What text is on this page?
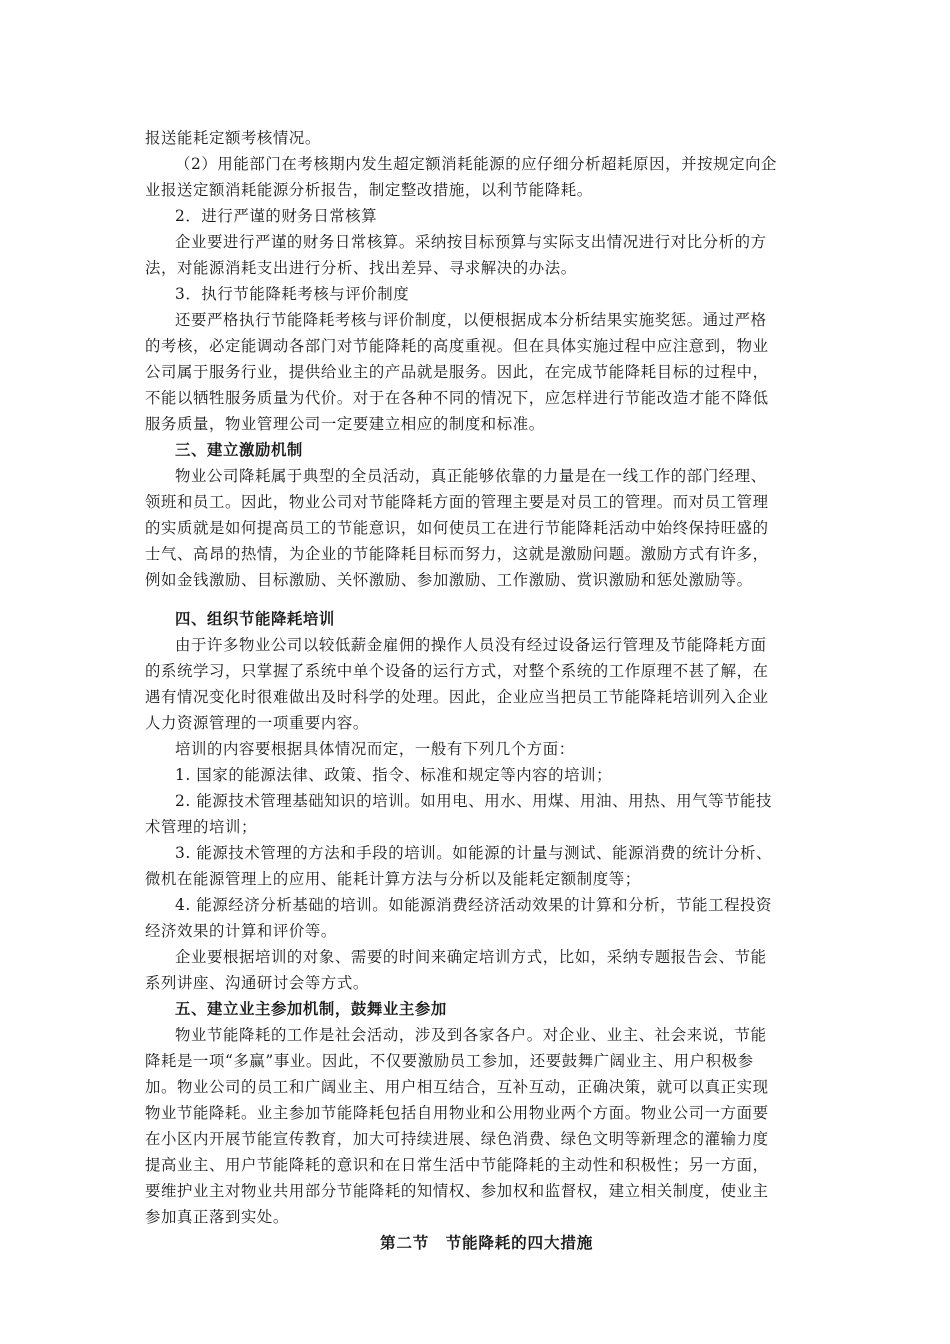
报送能耗定额考核情况。
（2）用能部门在考核期内发生超定额消耗能源的应仔细分析超耗原因，并按规定向企
业报送定额消耗能源分析报告，制定整改措施，以利节能降耗。
2．进行严谨的财务日常核算
企业要进行严谨的财务日常核算。采纳按目标预算与实际支出情况进行对比分析的方
法，对能源消耗支出进行分析、找出差异、寻求解决的办法。
3．执行节能降耗考核与评价制度
还要严格执行节能降耗考核与评价制度，以便根据成本分析结果实施奖惩。通过严格
的考核，必定能调动各部门对节能降耗的高度重视。但在具体实施过程中应注意到，物业
公司属于服务行业，提供给业主的产品就是服务。因此，在完成节能降耗目标的过程中，
不能以牺牲服务质量为代价。对于在各种不同的情况下，应怎样进行节能改造才能不降低
服务质量，物业管理公司一定要建立相应的制度和标准。
三、建立激励机制
物业公司降耗属于典型的全员活动，真正能够依靠的力量是在一线工作的部门经理、
领班和员工。因此，物业公司对节能降耗方面的管理主要是对员工的管理。而对员工管理
的实质就是如何提高员工的节能意识，如何使员工在进行节能降耗活动中始终保持旺盛的
士气、高昂的热情，为企业的节能降耗目标而努力，这就是激励问题。激励方式有许多，
例如金钱激励、目标激励、关怀激励、参加激励、工作激励、赏识激励和惩处激励等。
四、组织节能降耗培训
由于许多物业公司以较低薪金雇佣的操作人员没有经过设备运行管理及节能降耗方面
的系统学习，只掌握了系统中单个设备的运行方式，对整个系统的工作原理不甚了解，在
遇有情况变化时很难做出及时科学的处理。因此，企业应当把员工节能降耗培训列入企业
人力资源管理的一项重要内容。
培训的内容要根据具体情况而定，一般有下列几个方面：
1. 国家的能源法律、政策、指令、标准和规定等内容的培训；
2. 能源技术管理基础知识的培训。如用电、用水、用煤、用油、用热、用气等节能技
术管理的培训；
3. 能源技术管理的方法和手段的培训。如能源的计量与测试、能源消费的统计分析、
微机在能源管理上的应用、能耗计算方法与分析以及能耗定额制度等；
4. 能源经济分析基础的培训。如能源消费经济活动效果的计算和分析，节能工程投资
经济效果的计算和评价等。
企业要根据培训的对象、需要的时间来确定培训方式，比如，采纳专题报告会、节能
系列讲座、沟通研讨会等方式。
五、建立业主参加机制，鼓舞业主参加
物业节能降耗的工作是社会活动，涉及到各家各户。对企业、业主、社会来说，节能
降耗是一项“多赢”事业。因此，不仅要激励员工参加，还要鼓舞广阔业主、用户积极参
加。物业公司的员工和广阔业主、用户相互结合，互补互动，正确决策，就可以真正实现
物业节能降耗。业主参加节能降耗包括自用物业和公用物业两个方面。物业公司一方面要
在小区内开展节能宣传教育，加大可持续进展、绿色消费、绿色文明等新理念的灌输力度
提高业主、用户节能降耗的意识和在日常生活中节能降耗的主动性和积极性；另一方面，
要维护业主对物业共用部分节能降耗的知情权、参加权和监督权，建立相关制度，使业主
参加真正落到实处。
第二节　节能降耗的四大措施
